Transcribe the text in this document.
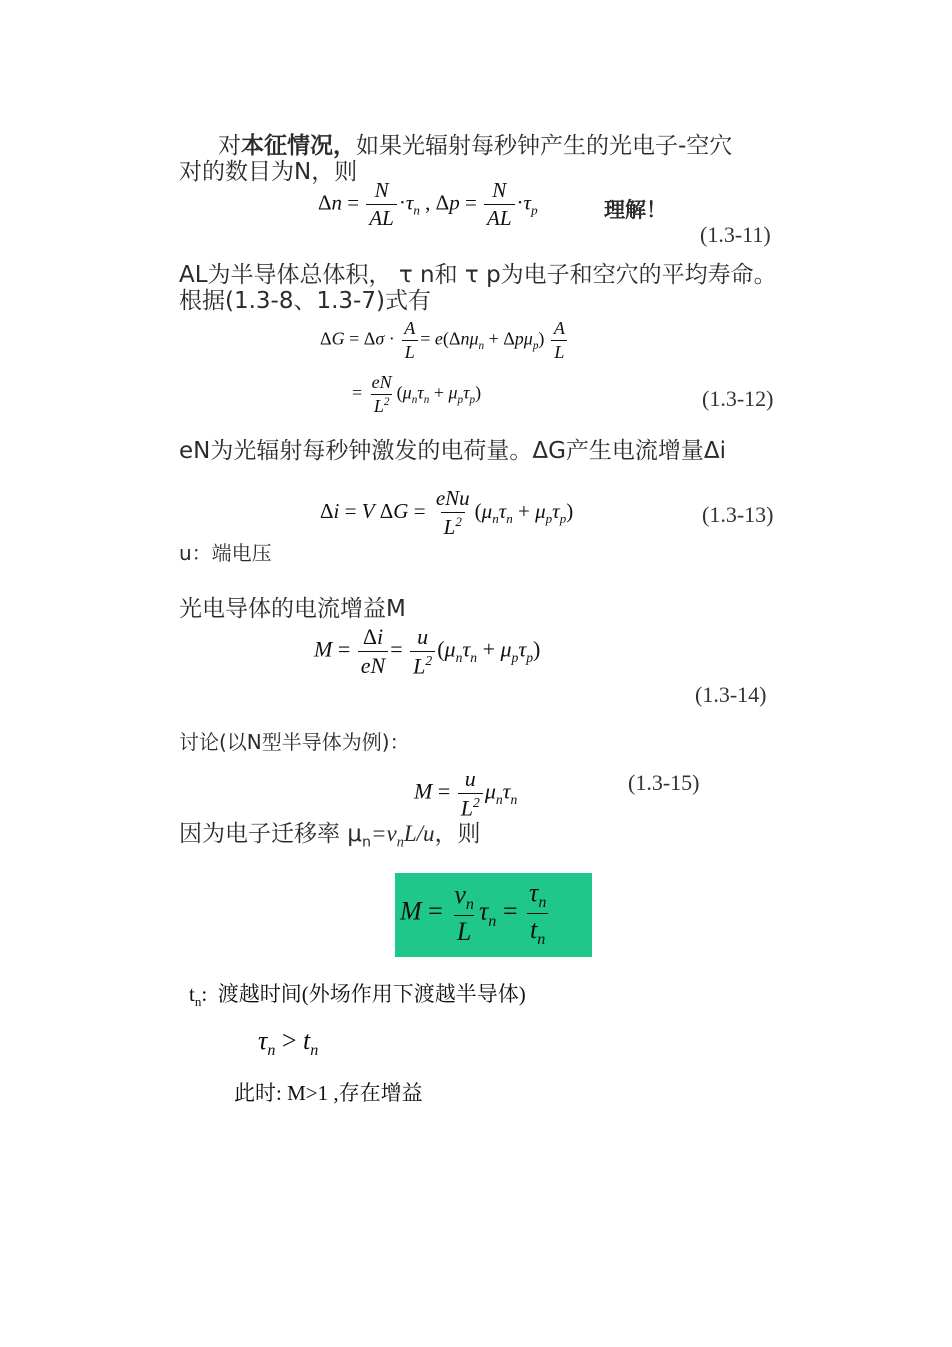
对本征情况，如果光辐射每秒钟产生的光电子-空穴
对的数目为N，则
$\Delta n = \frac{N}{AL} \cdot\tau_n$ , $\Delta p = \frac{N}{AL} \cdot\tau_p$	理解！
(1.3-11)
AL为半导体总体积， τ n和 τ p为电子和空穴的平均寿命。
根据(1.3-8、1.3-7)式有
$\Delta G = \Delta\sigma \cdot \frac{A}{L} = e(\Delta n\mu_n + \Delta p\mu_p) \frac{A}{L}$
= $\frac{eN}{L^2} (\mu_n\tau_n + \mu_p\tau_p)$	(1.3-12)
eN为光辐射每秒钟激发的电荷量。ΔG产生电流增量Δi
Δi = V $\Delta G = \frac{\text{eNu}}{L^2} (\mu_n\tau_n + \mu_p\tau_p)$	(1.3-13)
u：端电压
光电导体的电流增益M
$M = \frac{\Delta i}{eN} = \frac{u}{L^2} (\mu_n\tau_n + \mu_p\tau_p)$
(1.3-14)
讨论(以N型半导体为例)：
$M = \frac{u}{L^2} \mu_n\tau_n$
(1.3-15)
因为电子迁移率 $\mu_n=v_nL/u$，则
$M = \frac{v_n}{L} \tau_n = \frac{\tau_n}{t_n}$
$t_n$:  渡越时间(外场作用下渡越半导体)
$\tau_n > t_n$
此时: M>1 ,存在增益
